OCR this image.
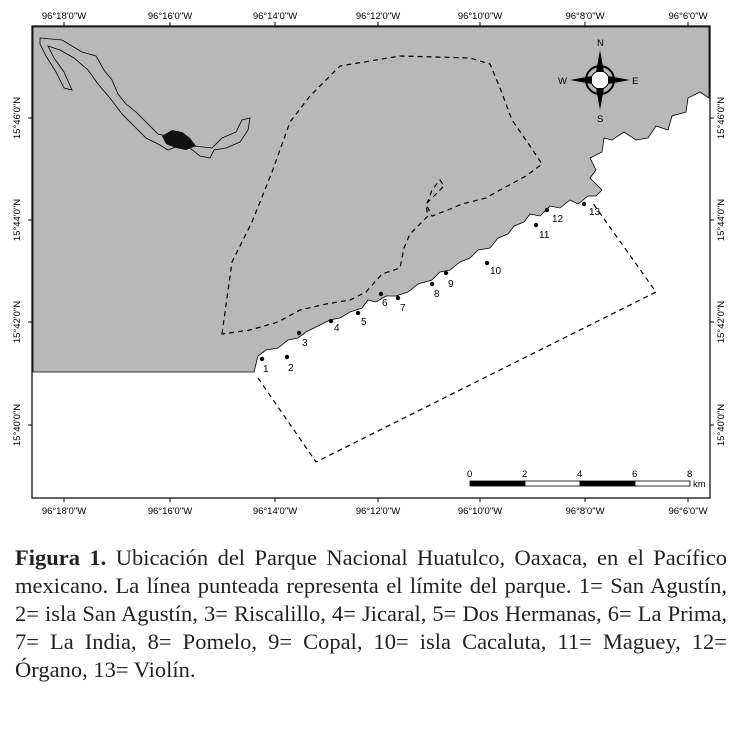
96°18'0"W
96°18'0"W
96°16'0"W
96°16'0"W
96°14'0"W
96°14'0"W
96°12'0"W
96°12'0"W
96°10'0"W
96°10'0"W
96°8'0"W
96°8'0"W
96°6'0"W
96°6'0"W
15°46'0"N	15°46'0"N
15°44'0"N	15°44'0"N
15°42'0"N	15°42'0"N
15°40'0"N	15°40'0"N
N
S
E
W
0	2	4	6	8
km
1 2
3
4
5
6 7
8
9
10
11
12
13
Figura 1. Ubicación del Parque Nacional Huatulco, Oaxaca, en el Pacífico mexicano. La línea punteada representa el límite del parque. 1= San Agustín, 2= isla San Agustín, 3= Riscalillo, 4= Jicaral, 5= Dos Hermanas, 6= La Prima, 7= La India, 8= Pomelo, 9= Copal, 10= isla Cacaluta, 11= Maguey, 12= Órgano, 13= Violín.
